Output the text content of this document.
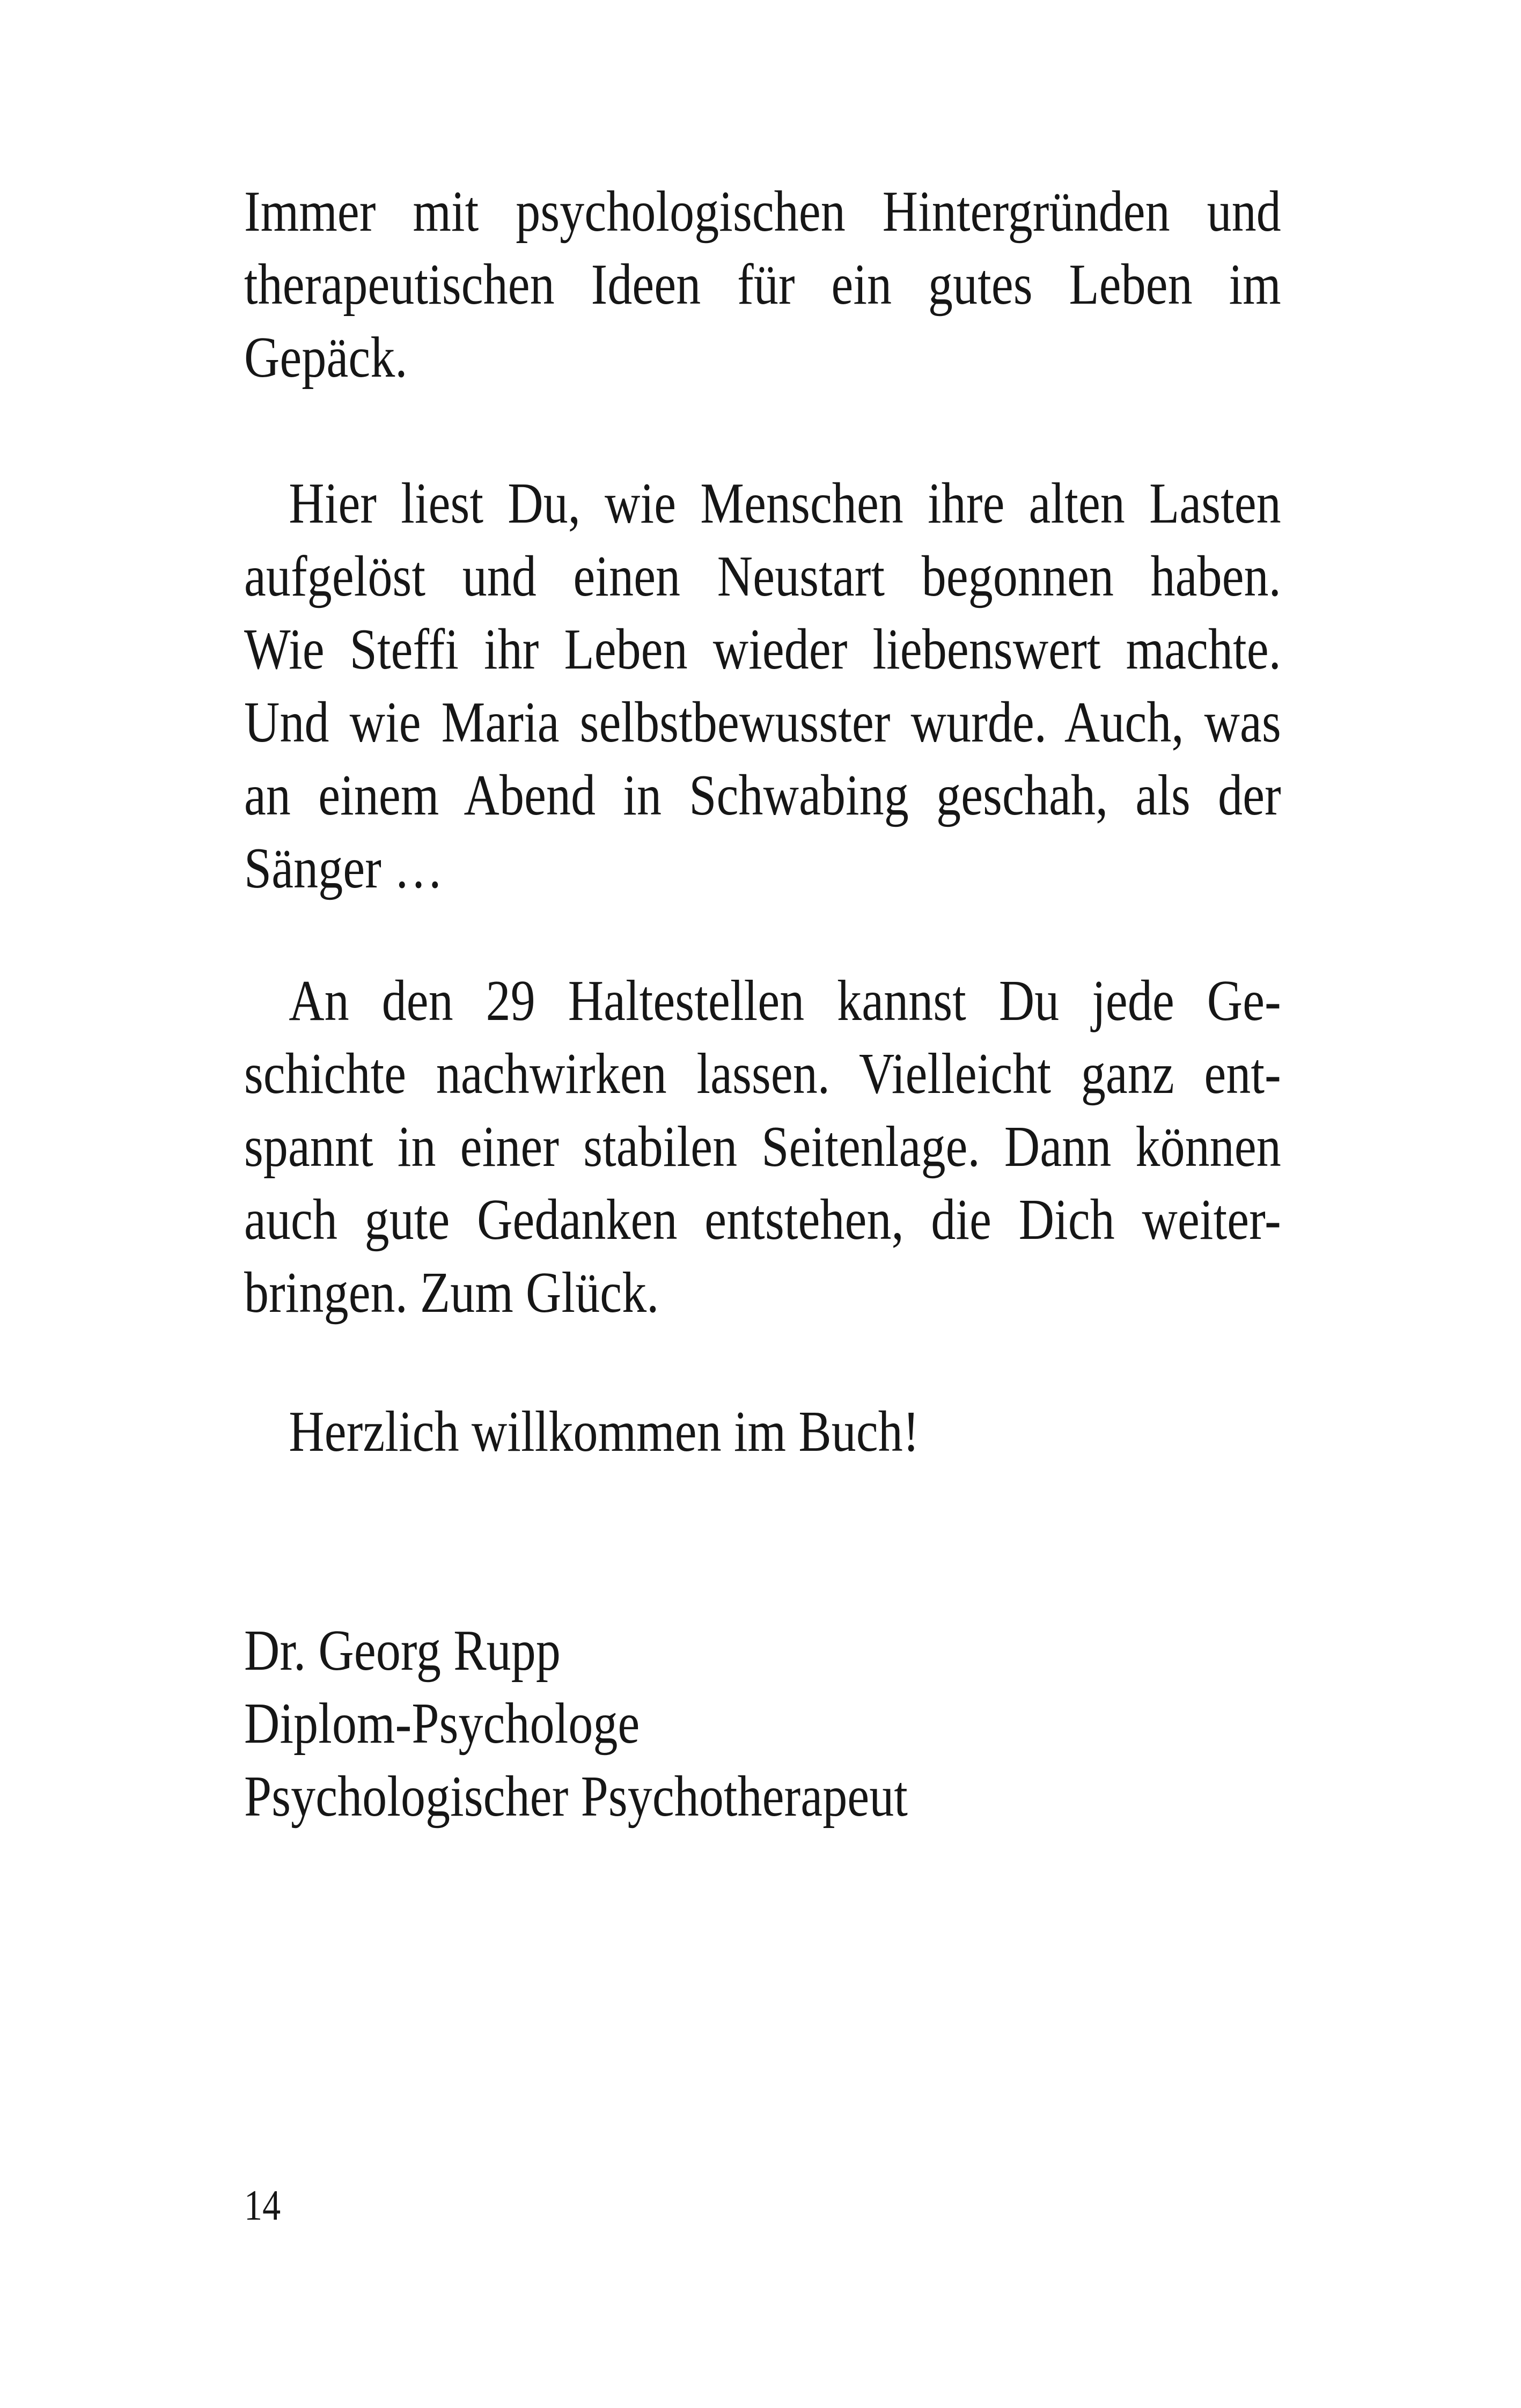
Immer mit psychologischen Hintergründen und
therapeutischen Ideen für ein gutes Leben im
Gepäck.
Hier liest Du, wie Menschen ihre alten Lasten
aufgelöst und einen Neustart begonnen haben.
Wie Steffi ihr Leben wieder liebenswert machte.
Und wie Maria selbstbewusster wurde. Auch, was
an einem Abend in Schwabing geschah, als der
Sänger …
An den 29 Haltestellen kannst Du jede Ge-
schichte nachwirken lassen. Vielleicht ganz ent-
spannt in einer stabilen Seitenlage. Dann können
auch gute Gedanken entstehen, die Dich weiter-
bringen. Zum Glück.
Herzlich willkommen im Buch!
Dr. Georg Rupp
Diplom-Psychologe
Psychologischer Psychotherapeut
14
